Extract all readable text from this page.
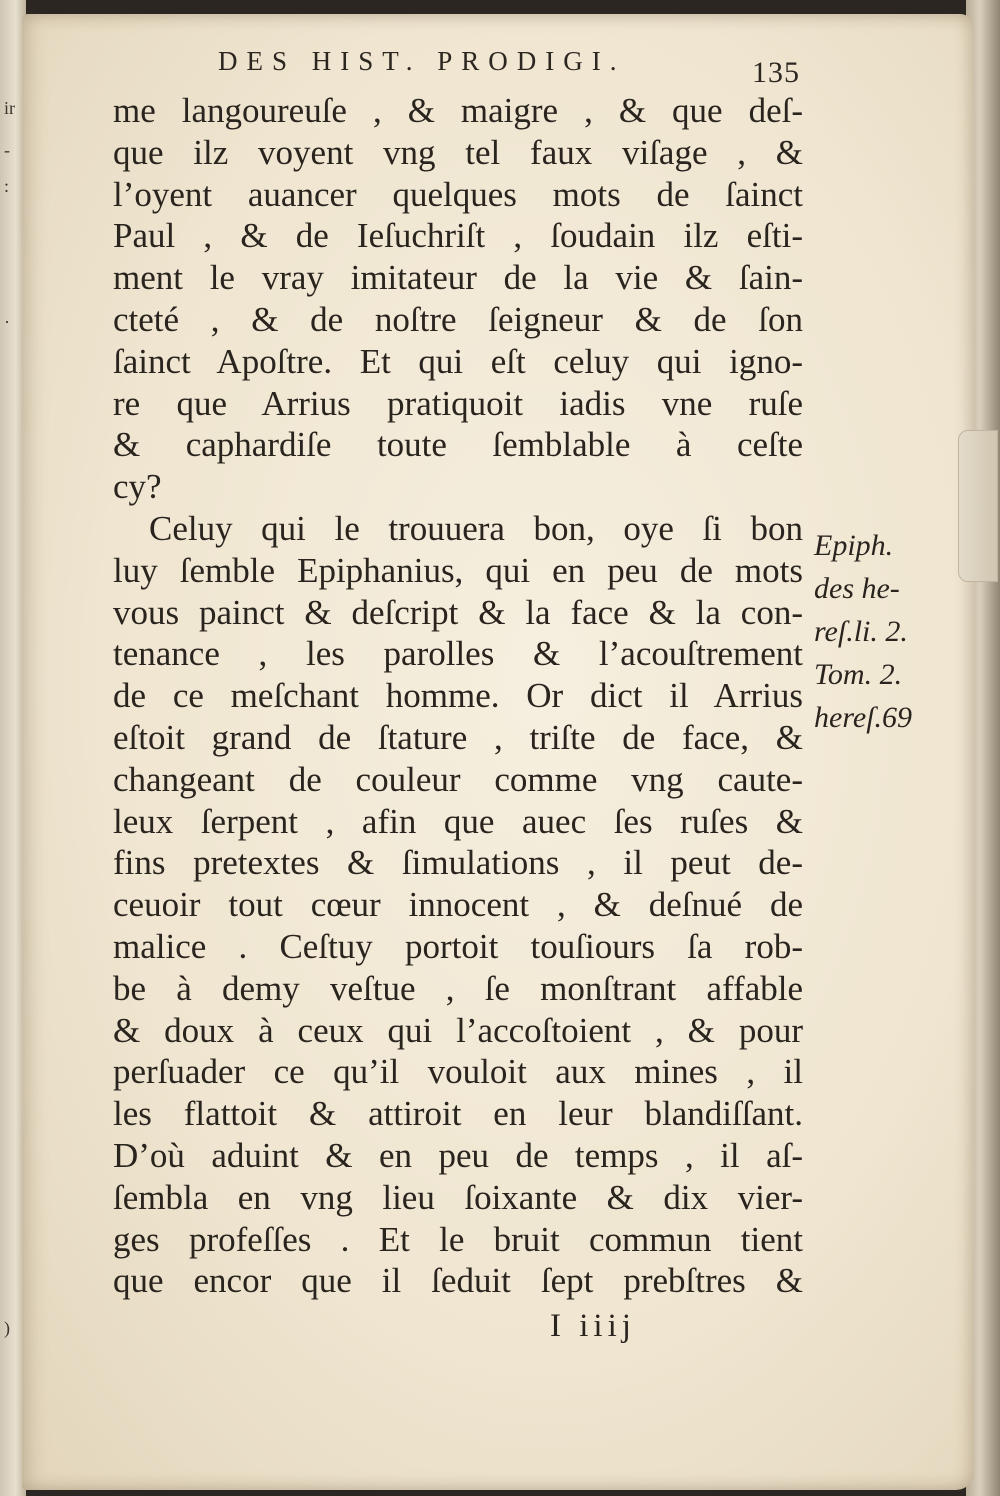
ir
-
:
·
)
DES HIST. PRODIGI.	135
me langoureuſe , & maigre , & que deſ-
que ilz voyent vng tel faux viſage , &
l’oyent auancer quelques mots de ſainct
Paul , & de Ieſuchriſt , ſoudain ilz eſti-
ment le vray imitateur de la vie & ſain-
cteté , & de noſtre ſeigneur & de ſon
ſainct Apoſtre. Et qui eſt celuy qui igno-
re que Arrius pratiquoit iadis vne ruſe
& caphardiſe toute ſemblable à ceſte
cy?
Celuy qui le trouuera bon, oye ſi bon
luy ſemble Epiphanius, qui en peu de mots
vous painct & deſcript & la face & la con-
tenance , les parolles & l’acouſtrement
de ce meſchant homme. Or dict il Arrius
eſtoit grand de ſtature , triſte de face, &
changeant de couleur comme vng caute-
leux ſerpent , afin que auec ſes ruſes &
fins pretextes & ſimulations , il peut de-
ceuoir tout cœur innocent , & deſnué de
malice . Ceſtuy portoit touſiours ſa rob-
be à demy veſtue , ſe monſtrant affable
& doux à ceux qui l’accoſtoient , & pour
perſuader ce qu’il vouloit aux mines , il
les flattoit & attiroit en leur blandiſſant.
D’où aduint & en peu de temps , il aſ-
ſembla en vng lieu ſoixante & dix vier-
ges profeſſes . Et le bruit commun tient
que encor que il ſeduit ſept prebſtres &
Epiph.
des he-
reſ.li. 2.
Tom. 2.
hereſ.69
I iiij
